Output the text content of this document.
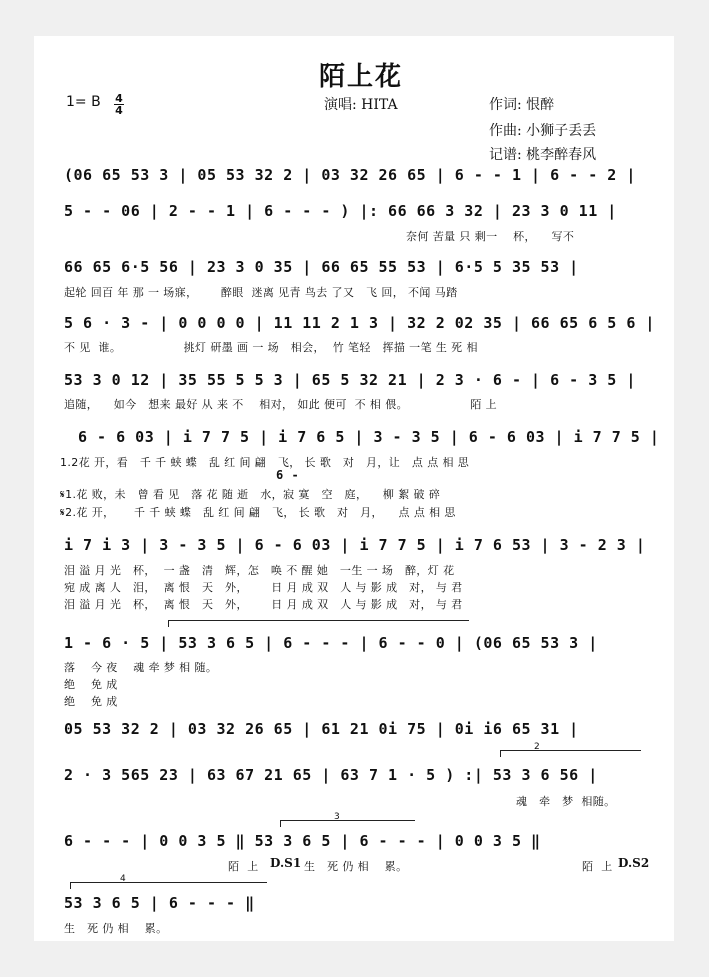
陌上花
1= B 4
4	演唱: HITA	作词: 恨醉
作曲: 小狮子丢丢
记谱: 桃李醉春风
(06 65 53 3 | 05 53 32 2 | 03 32 26 65 | 6 - - 1 | 6 - - 2 |
5 - - 06 | 2 - - 1 | 6 - - - ) |: 66 66 3 32 | 23 3 0 11 |
奈何 苦量 只 剩一    杯，    写不
66 65 6·5 56 | 23 3 0 35 | 66 65 55 53 | 6·5 5 35 53 |
起轮 回百 年 那 一 场寐，      醉眼  迷离 见青 鸟去 了又   飞 回， 不闻 马踏
5 6 · 3 - | 0 0 0 0 | 11 11 2 1 3 | 32 2 02 35 | 66 65 6 5 6 |
不 见  谁。                挑灯 研墨 画 一 场   相会，  竹 笔轻   挥描 一笔 生 死 相
53 3 0 12 | 35 55 5 5 3 | 65 5 32 21 | 2 3 · 6 - | 6 - 3 5 |
追随，    如今   想来 最好 从 来 不    相对， 如此 便可  不 相 偎。                陌 上
6 - 6 03 | i 7 7 5 | i 7 6 5 | 3 - 3 5 | 6 - 6 03 | i 7 7 5 |
1.2花 开，看   千 千 蛱 蝶   乱 红 间 翩   飞， 长 歌   对   月，让   点 点 相 思
6 -
𝄋1.花 败，未   曾 看 见   落 花 随 逝   水，寂 寞   空   庭，    柳 絮 破 碎
𝄋2.花 开，     千 千 蛱 蝶   乱 红 间 翩   飞， 长 歌   对   月，    点 点 相 思
i 7 i 3 | 3 - 3 5 | 6 - 6 03 | i 7 7 5 | i 7 6 53 | 3 - 2 3 |
泪 溢 月 光   杯，  一 盏   清   辉，怎   唤 不 醒 她   一生 一 场   醉，灯 花
宛 成 离 人   泪，  离 恨   天   外，      日 月 成 双   人 与 影 成   对， 与 君
泪 溢 月 光   杯，  离 恨   天   外，      日 月 成 双   人 与 影 成   对， 与 君
1 - 6 · 5 | 53 3 6 5 | 6 - - - | 6 - - 0 | (06 65 53 3 |
落    今 夜    魂 牵 梦 相 随。
绝    免 成
绝    免 成
05 53 32 2 | 03 32 26 65 | 61 21 0i 75 | 0i i6 65 31 |
2
2 · 3 565 23 | 63 67 21 65 | 63 7 1 · 5 ) :| 53 3 6 56 |
魂   牵   梦  相随。
3
6 - - - | 0 0 3 5 ‖ 53 3 6 5 | 6 - - - | 0 0 3 5 ‖
陌  上 D.S1 生   死 仍 相    累。	陌  上 D.S2
4
53 3 6 5 | 6 - - - ‖
生   死 仍 相    累。
